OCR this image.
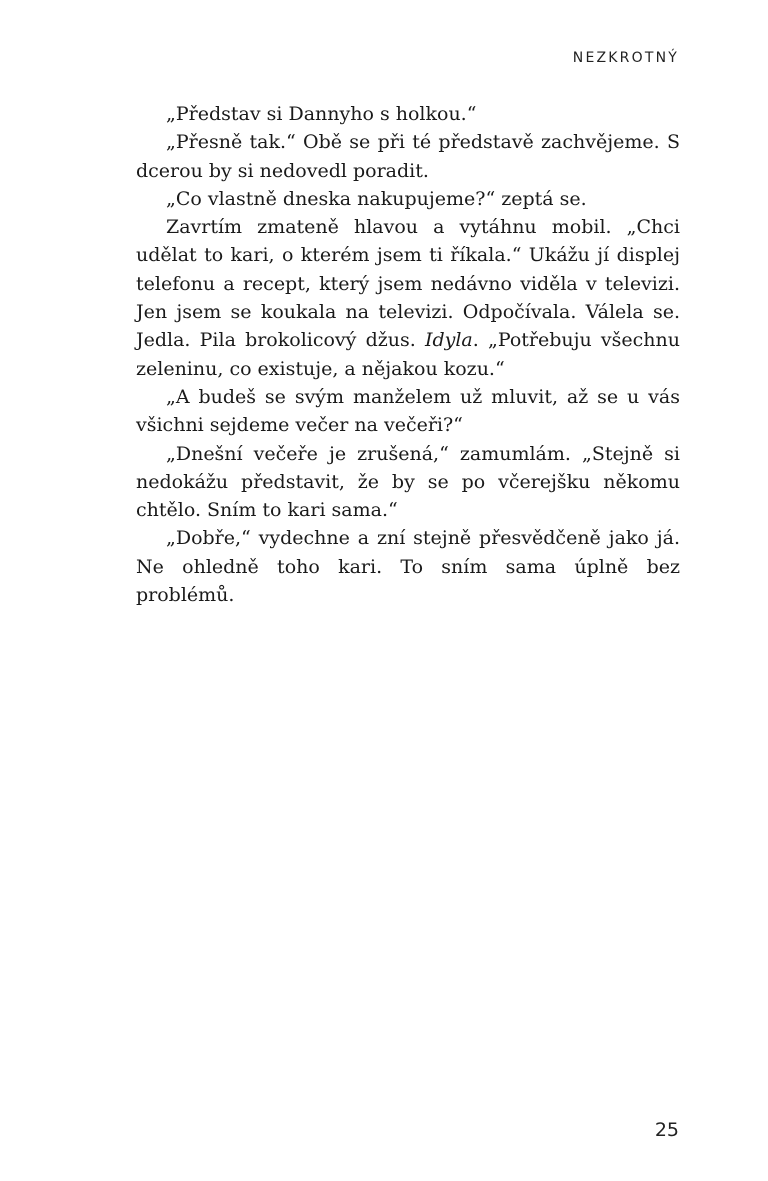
NEZKROTNÝ

„Představ si Dannyho s holkou.“

„Přesně tak.“ Obě se při té představě zachvějeme. S dcerou by si nedovedl poradit.

„Co vlastně dneska nakupujeme?“ zeptá se.

Zavrtím zmateně hlavou a vytáhnu mobil. „Chci udělat to kari, o kterém jsem ti říkala.“ Ukážu jí displej telefonu a recept, který jsem nedávno viděla v televizi. Jen jsem se koukala na televizi. Odpočívala. Válela se. Jedla. Pila brokolicový džus. Idyla. „Potřebuju všechnu zeleninu, co existuje, a nějakou kozu.“

„A budeš se svým manželem už mluvit, až se u vás všichni sejdeme večer na večeři?“

„Dnešní večeře je zrušená,“ zamumlám. „Stejně si nedokážu představit, že by se po včerejšku někomu chtělo. Sním to kari sama.“

„Dobře,“ vydechne a zní stejně přesvědčeně jako já. Ne ohledně toho kari. To sním sama úplně bez problémů.

25
